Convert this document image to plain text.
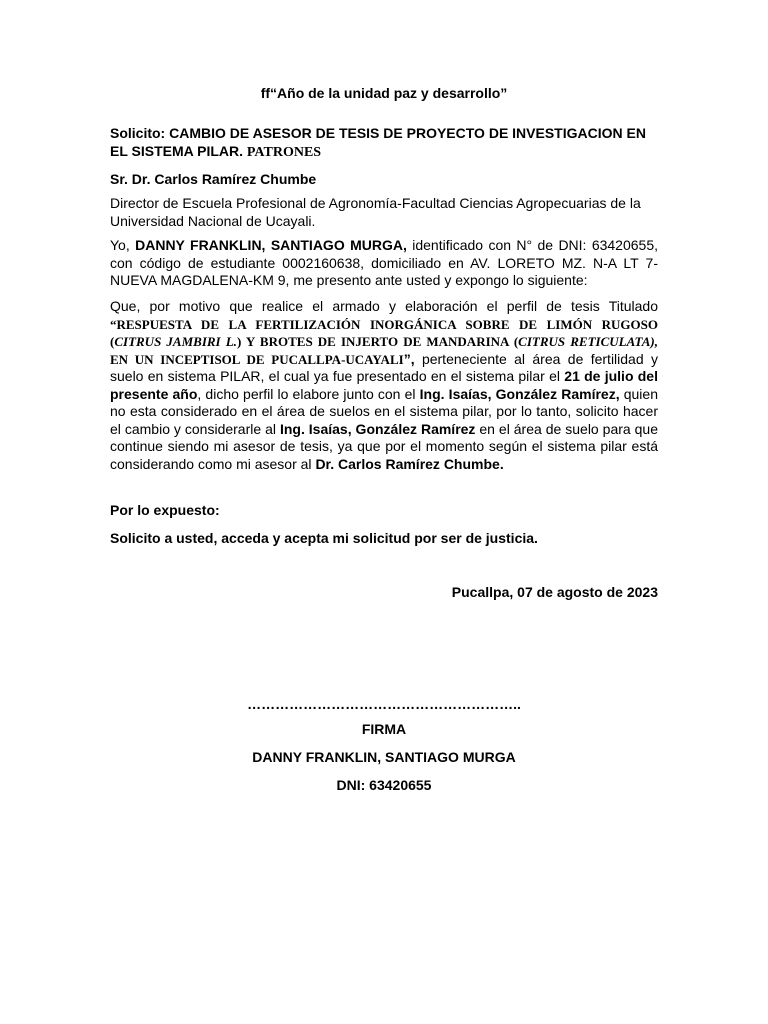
ff“Año de la unidad paz y desarrollo”

Solicito: CAMBIO DE ASESOR DE TESIS DE PROYECTO DE INVESTIGACION EN EL SISTEMA PILAR. PATRONES

Sr. Dr. Carlos Ramírez Chumbe

Director de Escuela Profesional de Agronomía-Facultad Ciencias Agropecuarias de la Universidad Nacional de Ucayali.

Yo, DANNY FRANKLIN, SANTIAGO MURGA, identificado con N° de DNI: 63420655, con código de estudiante 0002160638, domiciliado en AV. LORETO MZ. N-A LT 7-NUEVA MAGDALENA-KM 9, me presento ante usted y expongo lo siguiente:

Que, por motivo que realice el armado y elaboración el perfil de tesis Titulado “RESPUESTA DE LA FERTILIZACIÓN INORGÁNICA SOBRE DE LIMÓN RUGOSO (CITRUS JAMBIRI L.) Y BROTES DE INJERTO DE MANDARINA (CITRUS RETICULATA), EN UN INCEPTISOL DE PUCALLPA-UCAYALI”, perteneciente al área de fertilidad y suelo en sistema PILAR, el cual ya fue presentado en el sistema pilar el 21 de julio del presente año, dicho perfil lo elabore junto con el Ing. Isaías, González Ramírez, quien no esta considerado en el área de suelos en el sistema pilar, por lo tanto, solicito hacer el cambio y considerarle al Ing. Isaías, González Ramírez en el área de suelo para que continue siendo mi asesor de tesis, ya que por el momento según el sistema pilar está considerando como mi asesor al Dr. Carlos Ramírez Chumbe.

Por lo expuesto:

Solicito a usted, acceda y acepta mi solicitud por ser de justicia.

Pucallpa, 07 de agosto de 2023

…………………………………………………..

FIRMA

DANNY FRANKLIN, SANTIAGO MURGA

DNI: 63420655
